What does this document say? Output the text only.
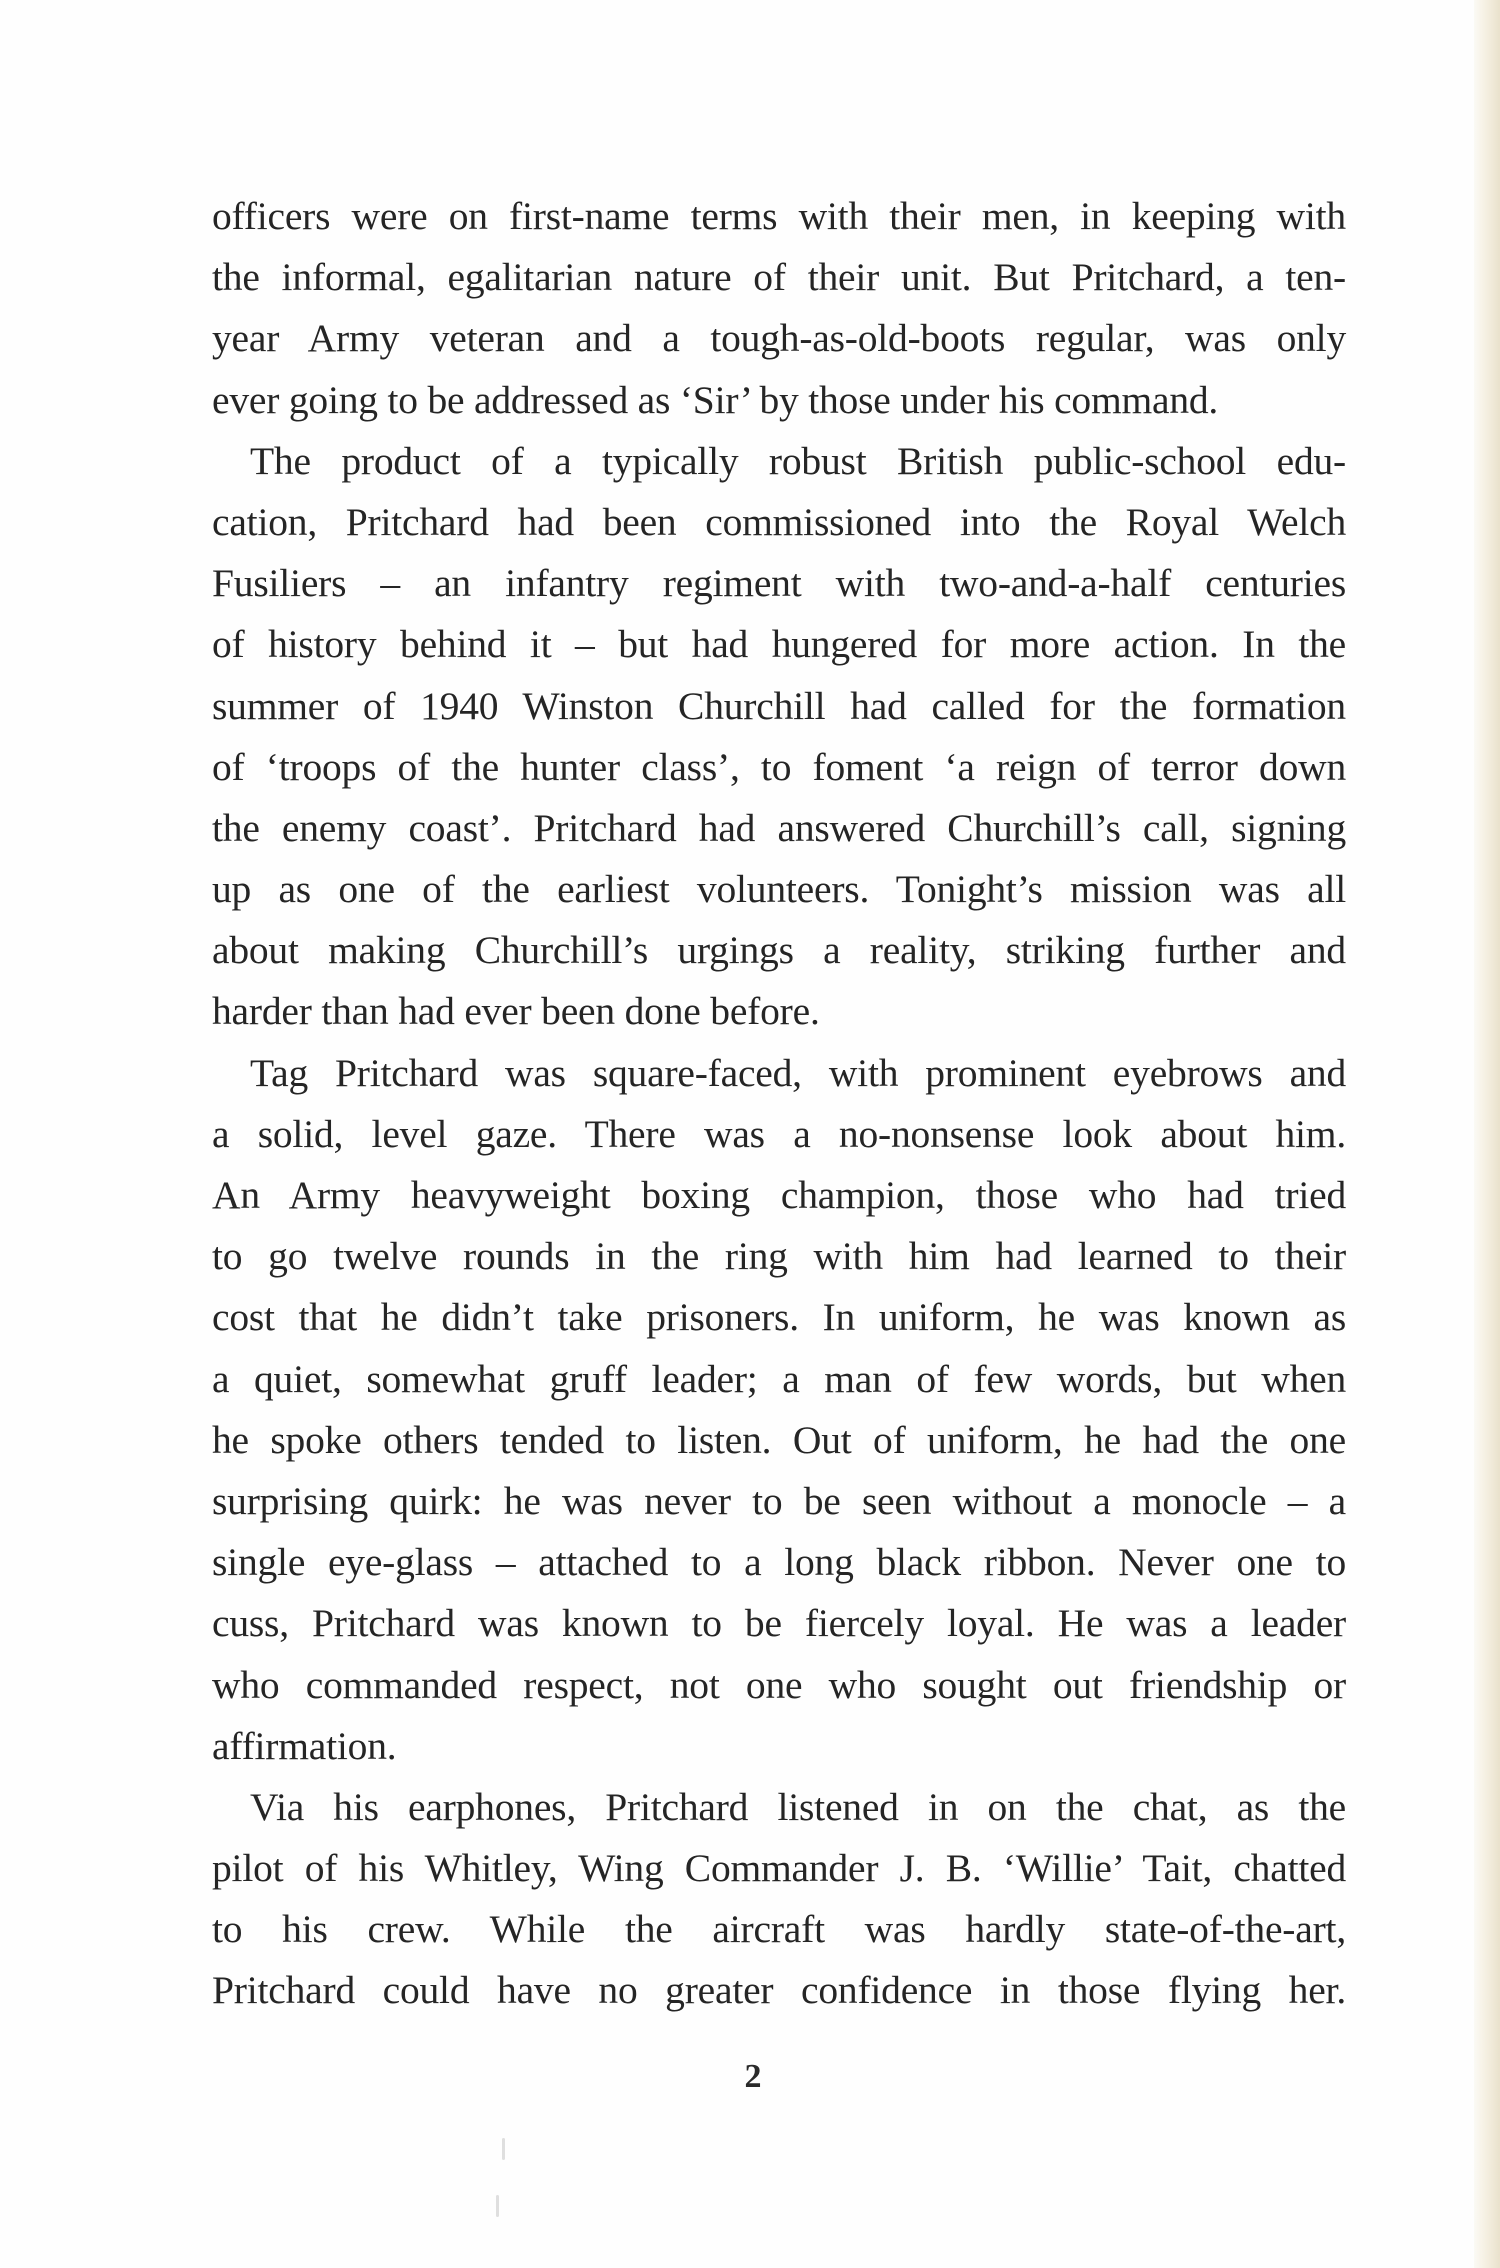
officers were on first-name terms with their men, in keeping with
the informal, egalitarian nature of their unit. But Pritchard, a ten-
year Army veteran and a tough-as-old-boots regular, was only
ever going to be addressed as ‘Sir’ by those under his command.
The product of a typically robust British public-school edu-
cation, Pritchard had been commissioned into the Royal Welch
Fusiliers – an infantry regiment with two-and-a-half centuries
of history behind it – but had hungered for more action. In the
summer of 1940 Winston Churchill had called for the formation
of ‘troops of the hunter class’, to foment ‘a reign of terror down
the enemy coast’. Pritchard had answered Churchill’s call, signing
up as one of the earliest volunteers. Tonight’s mission was all
about making Churchill’s urgings a reality, striking further and
harder than had ever been done before.
Tag Pritchard was square-faced, with prominent eyebrows and
a solid, level gaze. There was a no-nonsense look about him.
An Army heavyweight boxing champion, those who had tried
to go twelve rounds in the ring with him had learned to their
cost that he didn’t take prisoners. In uniform, he was known as
a quiet, somewhat gruff leader; a man of few words, but when
he spoke others tended to listen. Out of uniform, he had the one
surprising quirk: he was never to be seen without a monocle – a
single eye-glass – attached to a long black ribbon. Never one to
cuss, Pritchard was known to be fiercely loyal. He was a leader
who commanded respect, not one who sought out friendship or
affirmation.
Via his earphones, Pritchard listened in on the chat, as the
pilot of his Whitley, Wing Commander J. B. ‘Willie’ Tait, chatted
to his crew. While the aircraft was hardly state-of-the-art,
Pritchard could have no greater confidence in those flying her.
2
